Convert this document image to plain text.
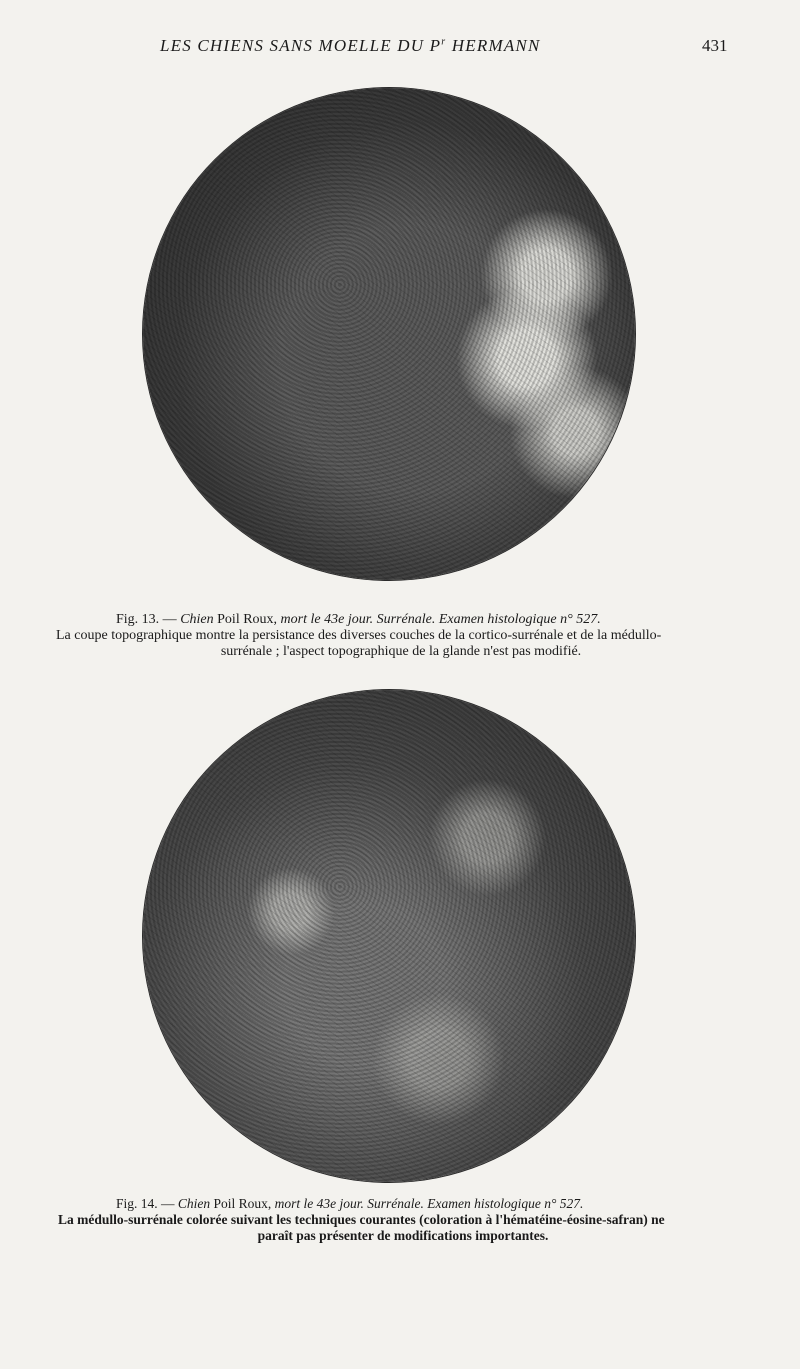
LES CHIENS SANS MOELLE DU $P^r$ HERMANN	431
Fig. 13. — Chien Poil Roux, mort le 43e jour. Surrénale. Examen histologique n° 527.
La coupe topographique montre la persistance des diverses couches de la cortico-surrénale et de la médullo-
surrénale ; l'aspect topographique de la glande n'est pas modifié.
Fig. 14. — Chien Poil Roux, mort le 43e jour. Surrénale. Examen histologique n° 527.
La médullo-surrénale colorée suivant les techniques courantes (coloration à l'hématéine-éosine-safran) ne
paraît pas présenter de modifications importantes.
